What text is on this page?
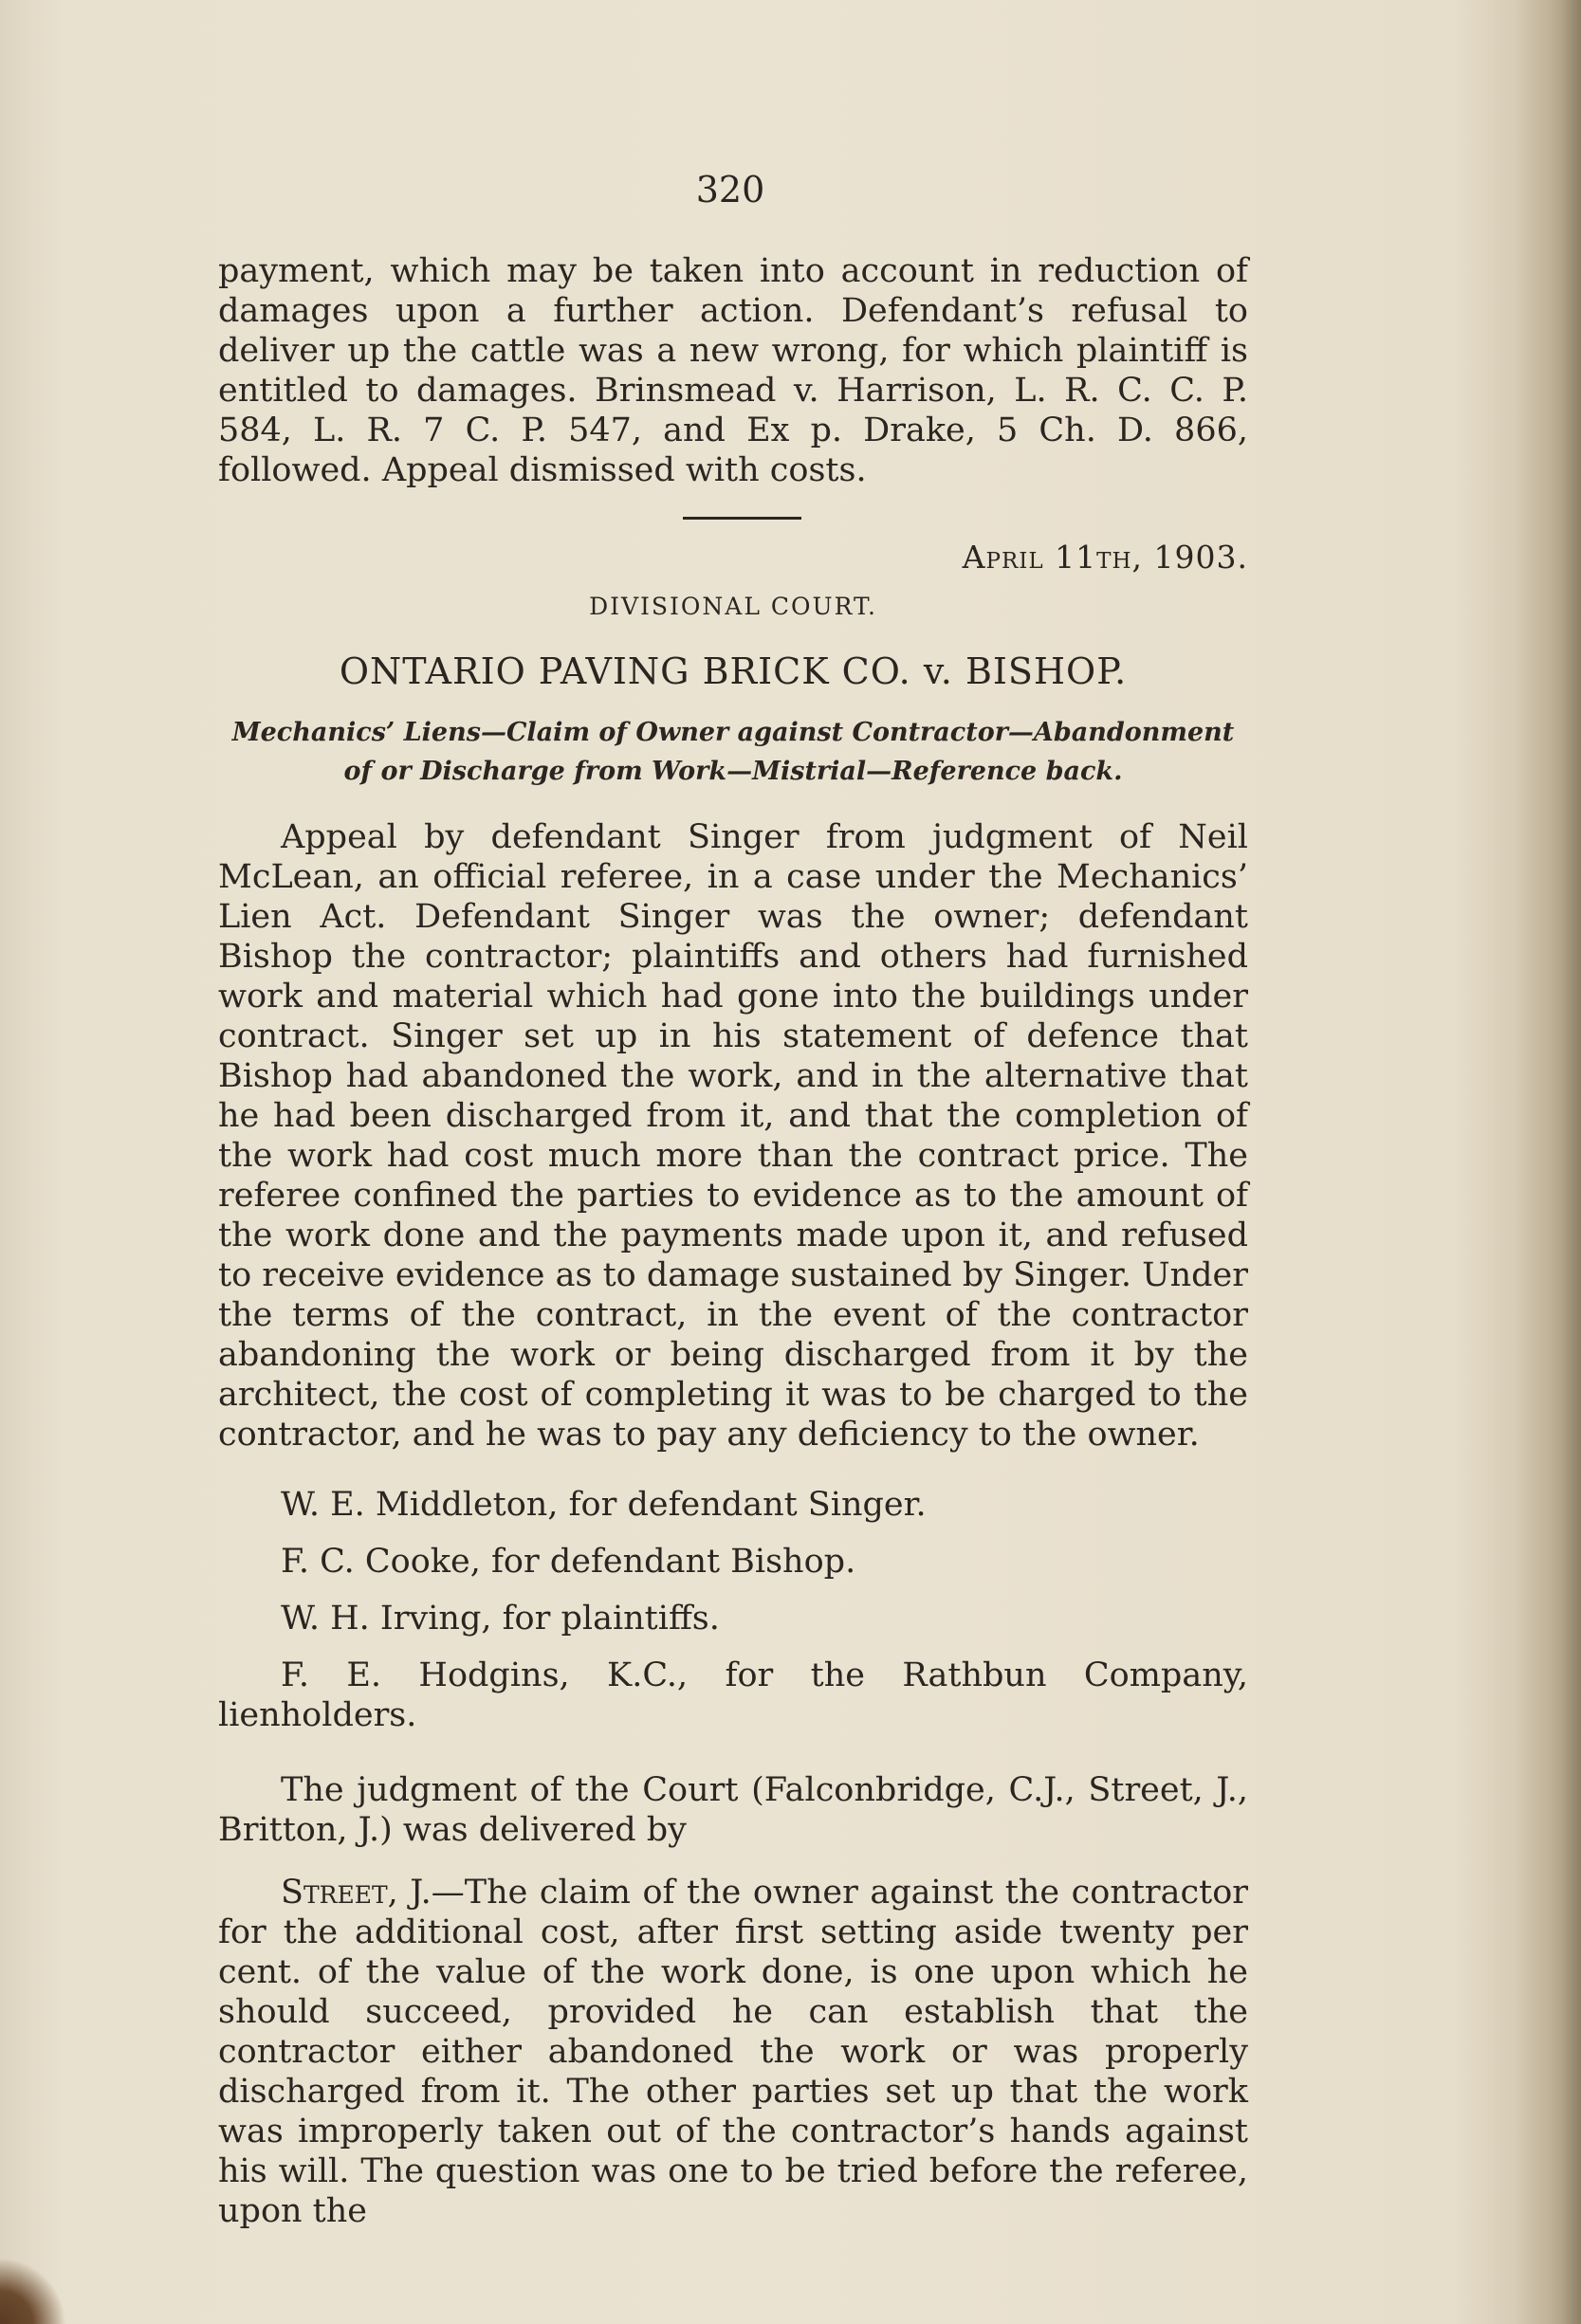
320

payment, which may be taken into account in reduction of damages upon a further action. Defendant’s refusal to deliver up the cattle was a new wrong, for which plaintiff is entitled to damages. Brinsmead v. Harrison, L. R. C. C. P. 584, L. R. 7 C. P. 547, and Ex p. Drake, 5 Ch. D. 866, followed. Appeal dismissed with costs.

April 11th, 1903.
DIVISIONAL COURT.
ONTARIO PAVING BRICK CO. v. BISHOP.
Mechanics’ Liens—Claim of Owner against Contractor—Abandonment of or Discharge from Work—Mistrial—Reference back.

Appeal by defendant Singer from judgment of Neil McLean, an official referee, in a case under the Mechanics’ Lien Act. Defendant Singer was the owner; defendant Bishop the contractor; plaintiffs and others had furnished work and material which had gone into the buildings under contract. Singer set up in his statement of defence that Bishop had abandoned the work, and in the alternative that he had been discharged from it, and that the completion of the work had cost much more than the contract price. The referee confined the parties to evidence as to the amount of the work done and the payments made upon it, and refused to receive evidence as to damage sustained by Singer. Under the terms of the contract, in the event of the contractor abandoning the work or being discharged from it by the architect, the cost of completing it was to be charged to the contractor, and he was to pay any deficiency to the owner.

W. E. Middleton, for defendant Singer.

F. C. Cooke, for defendant Bishop.

W. H. Irving, for plaintiffs.

F. E. Hodgins, K.C., for the Rathbun Company, lienholders.

The judgment of the Court (Falconbridge, C.J., Street, J., Britton, J.) was delivered by

Street, J.—The claim of the owner against the contractor for the additional cost, after first setting aside twenty per cent. of the value of the work done, is one upon which he should succeed, provided he can establish that the contractor either abandoned the work or was properly discharged from it. The other parties set up that the work was improperly taken out of the contractor’s hands against his will. The question was one to be tried before the referee, upon the
